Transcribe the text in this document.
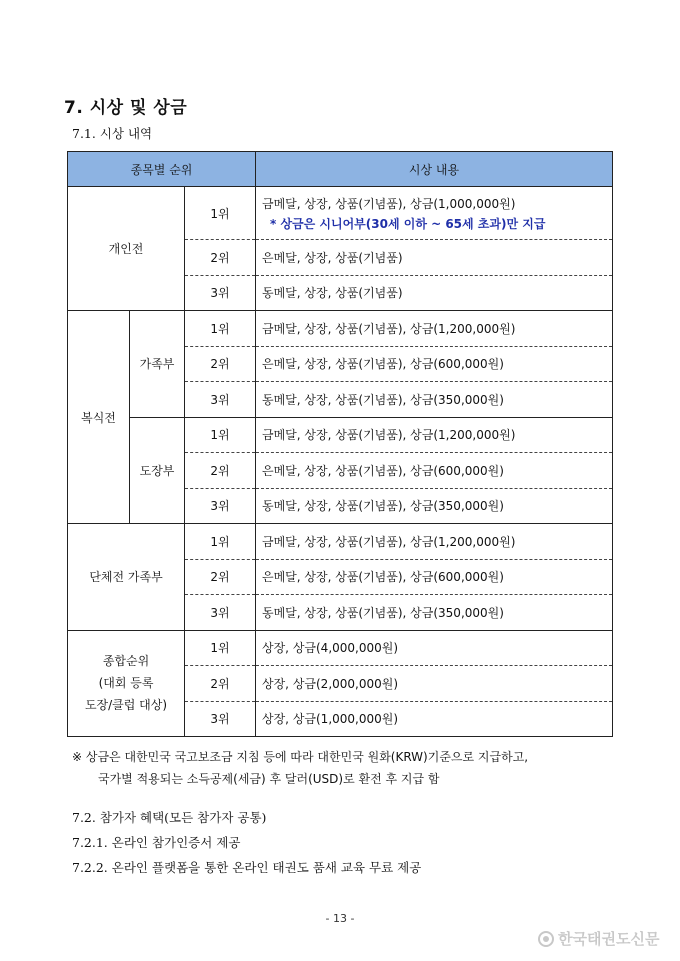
7. 시상 및 상금
7.1. 시상 내역
종목별 순위			시상 내용
개인전		1위	금메달, 상장, 상품(기념품), 상금(1,000,000원)
* 상금은 시니어부(30세 이하 ~ 65세 초과)만 지급

		2위	은메달, 상장, 상품(기념품)
		3위	동메달, 상장, 상품(기념품)
복식전	가족부	1위	금메달, 상장, 상품(기념품), 상금(1,200,000원)
		2위	은메달, 상장, 상품(기념품), 상금(600,000원)
		3위	동메달, 상장, 상품(기념품), 상금(350,000원)
	도장부	1위	금메달, 상장, 상품(기념품), 상금(1,200,000원)
		2위	은메달, 상장, 상품(기념품), 상금(600,000원)
		3위	동메달, 상장, 상품(기념품), 상금(350,000원)
단체전 가족부		1위	금메달, 상장, 상품(기념품), 상금(1,200,000원)
		2위	은메달, 상장, 상품(기념품), 상금(600,000원)
		3위	동메달, 상장, 상품(기념품), 상금(350,000원)

종합순위
(대회 등록
도장/클럽 대상)		1위	상장, 상금(4,000,000원)
		2위	상장, 상금(2,000,000원)
		3위	상장, 상금(1,000,000원)
※ 상금은 대한민국 국고보조금 지침 등에 따라 대한민국 원화(KRW)기준으로 지급하고,
국가별 적용되는 소득공제(세금) 후 달러(USD)로 환전 후 지급 함
7.2. 참가자 혜택(모든 참가자 공통)
7.2.1. 온라인 참가인증서 제공
7.2.2. 온라인 플랫폼을 통한 온라인 태권도 품새 교육 무료 제공
- 13 -
한국태권도신문
